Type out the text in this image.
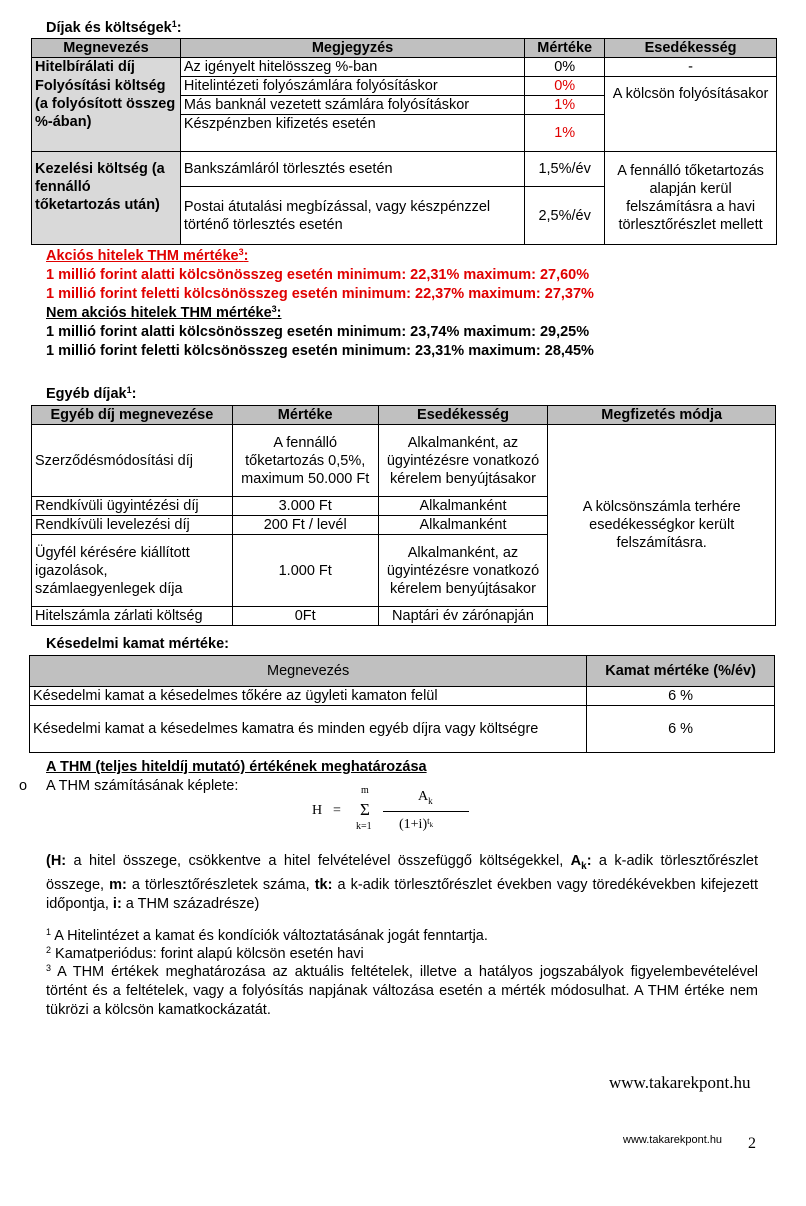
Díjak és költségek$^1$:
Megnevezés	Megjegyzés	Mértéke	Esedékesség
Hitelbírálati díj	Az igényelt hitelösszeg %-ban	0%	-
Folyósítási költség (a folyósított összeg %-ában)	Hitelintézeti folyószámlára folyósításkor	0%	A kölcsön folyósításakor
	Más banknál vezetett számlára folyósításkor	1%	
	Készpénzben kifizetés esetén	1%	
Kezelési költség (a fennálló tőketartozás után)	Bankszámláról törlesztés esetén	1,5%/év	A fennálló tőketartozás alapján kerül felszámításra a havi törlesztőrészlet mellett
	Postai átutalási megbízással, vagy készpénzzel történő törlesztés esetén	2,5%/év	
Akciós hitelek THM mértéke$^3$:
1 millió forint alatti kölcsönösszeg esetén minimum: 22,31% maximum: 27,60%
1 millió forint feletti kölcsönösszeg esetén minimum: 22,37% maximum: 27,37%
Nem akciós hitelek THM mértéke$^3$:
1 millió forint alatti kölcsönösszeg esetén minimum: 23,74% maximum: 29,25%
1 millió forint feletti kölcsönösszeg esetén minimum: 23,31% maximum: 28,45%
Egyéb díjak$^1$:
Egyéb díj megnevezése	Mértéke	Esedékesség	Megfizetés módja
Szerződésmódosítási díj	A fennálló tőketartozás 0,5%, maximum 50.000 Ft	Alkalmanként, az ügyintézésre vonatkozó kérelem benyújtásakor	A kölcsönszámla terhére esedékességkor került felszámításra.
Rendkívüli ügyintézési díj	3.000 Ft	Alkalmanként	
Rendkívüli levelezési díj	200 Ft / levél	Alkalmanként	
Ügyfél kérésére kiállított igazolások, számlaegyenlegek díja	1.000 Ft	Alkalmanként, az ügyintézésre vonatkozó kérelem benyújtásakor	
Hitelszámla zárlati költség	0Ft	Naptári év zárónapján	
Késedelmi kamat mértéke:
Megnevezés	Kamat mértéke (%/év)
Késedelmi kamat a késedelmes tőkére az ügyleti kamaton felül	6 %
Késedelmi kamat a késedelmes kamatra és minden egyéb díjra vagy költségre	6 %
A THM (teljes hiteldíj mutató) értékének meghatározása
o A THM számításának képlete:
H =
m
Σ
k=1
$A_k$
$(1+i)^{t_k}$
(H: a hitel összege, csökkentve a hitel felvételével összefüggő költségekkel, $A_k$: a k-adik törlesztőrészlet összege, m: a törlesztőrészletek száma, tk: a k-adik törlesztőrészlet években vagy töredékévekben kifejezett időpontja, i: a THM századrésze)
$^1$ A Hitelintézet a kamat és kondíciók változtatásának jogát fenntartja.
$^2$ Kamatperiódus: forint alapú kölcsön esetén havi
$^3$ A THM értékek meghatározása az aktuális feltételek, illetve a hatályos jogszabályok figyelembevételével történt és a feltételek, vagy a folyósítás napjának változása esetén a mérték módosulhat. A THM értéke nem tükrözi a kölcsön kamatkockázatát.
www.takarekpont.hu
www.takarekpont.hu 2
